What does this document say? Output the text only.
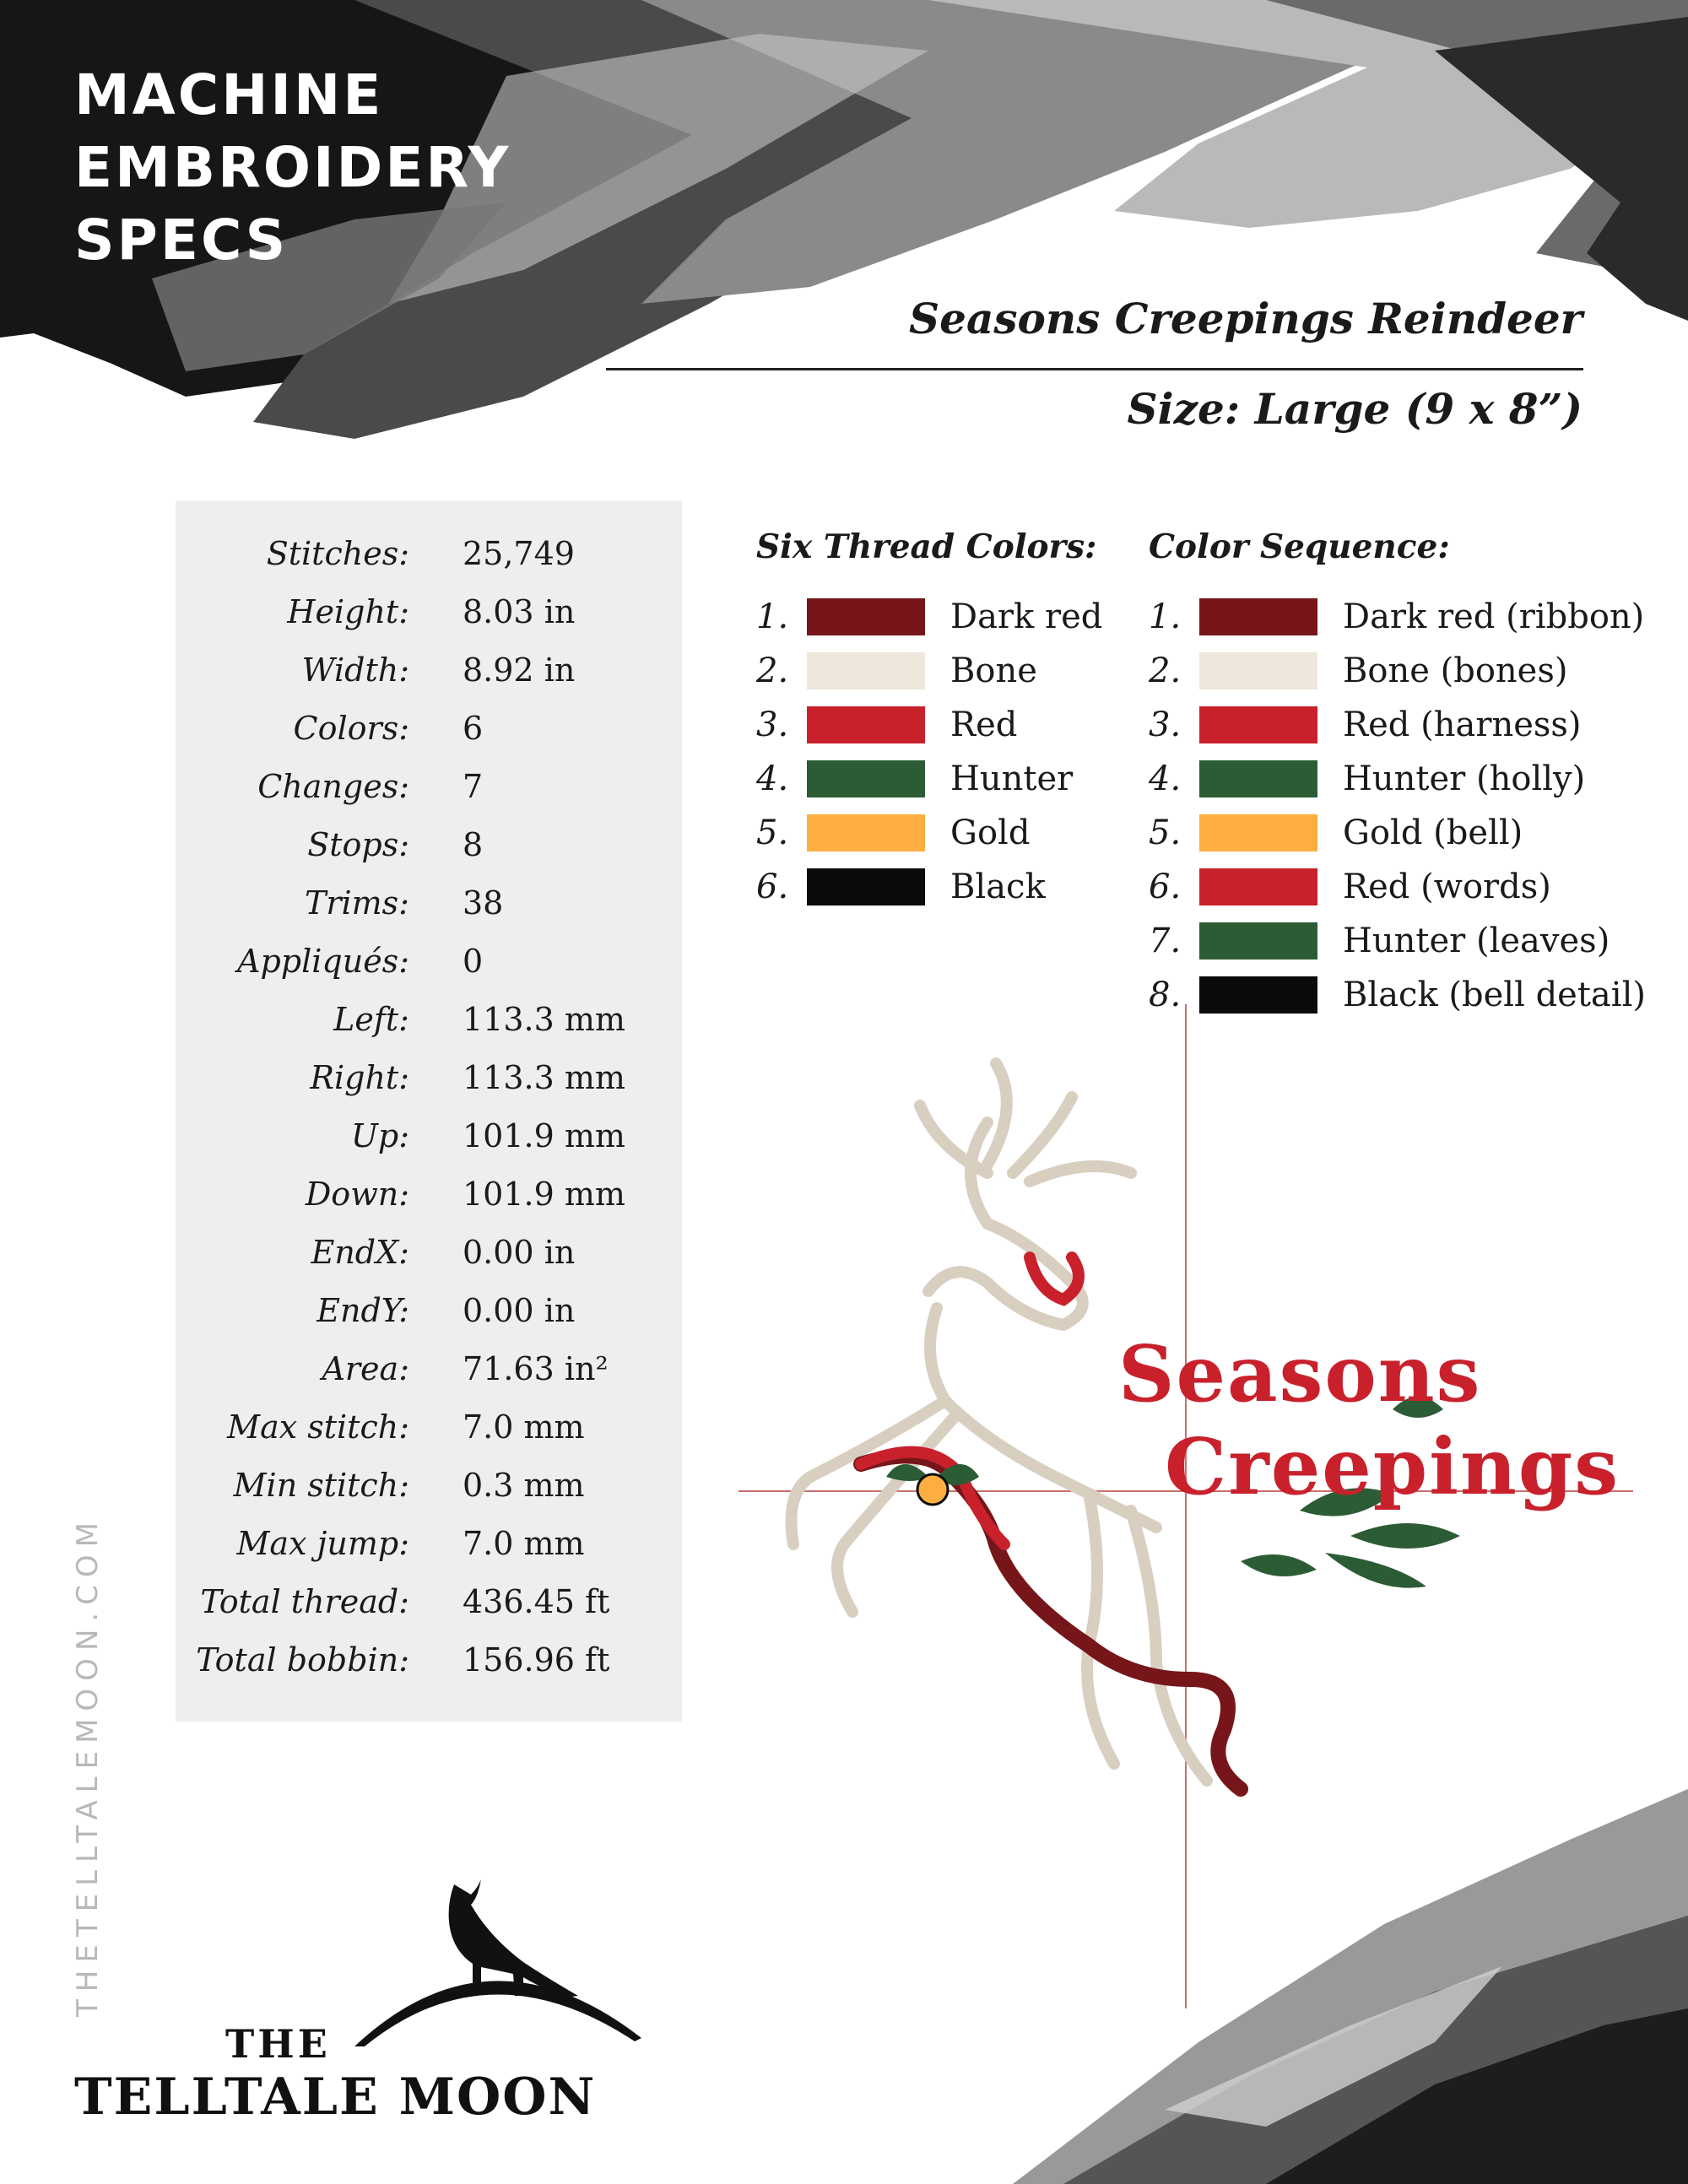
MACHINE
EMBROIDERY
SPECS
Seasons Creepings Reindeer
Size: Large (9 x 8”)
Stitches: 25,749
Height: 8.03 in
Width: 8.92 in
Colors: 6
Changes: 7
Stops: 8
Trims: 38
Appliqués: 0
Left: 113.3 mm
Right: 113.3 mm
Up: 101.9 mm
Down: 101.9 mm
EndX: 0.00 in
EndY: 0.00 in
Area: 71.63 in²
Max stitch: 7.0 mm
Min stitch: 0.3 mm
Max jump: 7.0 mm
Total thread: 436.45 ft
Total bobbin: 156.96 ft
Six Thread Colors:
1.	Dark red
2.	Bone
3.	Red
4.	Hunter
5.	Gold
6.	Black
Color Sequence:
1.	Dark red (ribbon)
2.	Bone (bones)
3.	Red (harness)
4.	Hunter (holly)
5.	Gold (bell)
6.	Red (words)
7.	Hunter (leaves)
8.	Black (bell detail)
Seasons
Creepings
THETELLTALEMOON.COM
THE
TELLTALE MOON
